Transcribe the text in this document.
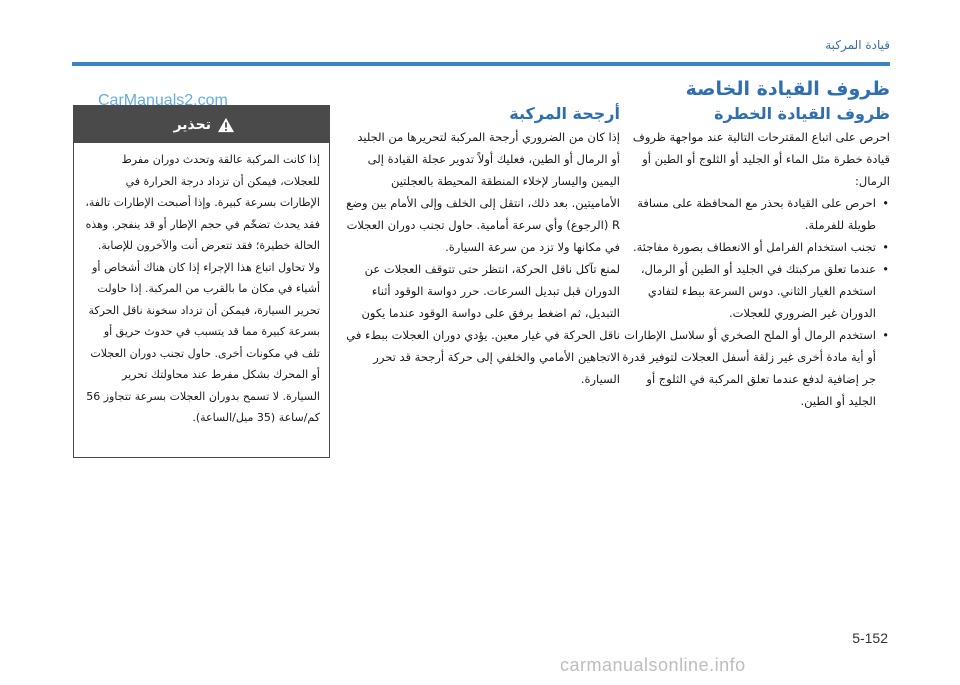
قيادة المركبة
ظروف القيادة الخاصة
ظروف القيادة الخطرة
أرجحة المركبة

احرص على اتباع المقترحات التالية عند مواجهة ظروف قيادة خطرة مثل الماء أو الجليد أو الثلوج أو الطين أو الرمال:

• احرص على القيادة بحذر مع المحافظة على مسافة طويلة للفرملة.
• تجنب استخدام الفرامل أو الانعطاف بصورة مفاجئة.
• عندما تعلق مركبتك في الجليد أو الطين أو الرمال، استخدم الغيار الثاني. دوس السرعة ببطء لتفادي الدوران غير الضروري للعجلات.
• استخدم الرمال أو الملح الصخري أو سلاسل الإطارات أو أية مادة أخرى غير زلقة أسفل العجلات لتوفير قدرة جر إضافية لدفع عندما تعلق المركبة في الثلوج أو الجليد أو الطين.

إذا كان من الضروري أرجحة المركبة لتحريرها من الجليد أو الرمال أو الطين، فعليك أولاً تدوير عجلة القيادة إلى اليمين واليسار لإخلاء المنطقة المحيطة بالعجلتين الأماميتين. بعد ذلك، انتقل إلى الخلف وإلى الأمام بين وضع R (الرجوع) وأي سرعة أمامية. حاول تجنب دوران العجلات في مكانها ولا تزد من سرعة السيارة.

لمنع تآكل ناقل الحركة، انتظر حتى تتوقف العجلات عن الدوران قبل تبديل السرعات. حرر دواسة الوقود أثناء التبديل، ثم اضغط برفق على دواسة الوقود عندما يكون ناقل الحركة في غيار معين. يؤدي دوران العجلات ببطء في الاتجاهين الأمامي والخلفي إلى حركة أرجحة قد تحرر السيارة.

تحذير
إذا كانت المركبة عالقة وتحدث دوران مفرط للعجلات، فيمكن أن تزداد درجة الحرارة في الإطارات بسرعة كبيرة. وإذا أصبحت الإطارات تالفة، فقد يحدث تضخّم في حجم الإطار أو قد ينفجر. وهذه الحالة خطيرة؛ فقد تتعرض أنت والآخرون للإصابة. ولا تحاول اتباع هذا الإجراء إذا كان هناك أشخاص أو أشياء في مكان ما بالقرب من المركبة. إذا حاولت تحرير السيارة، فيمكن أن تزداد سخونة ناقل الحركة بسرعة كبيرة مما قد يتسبب في حدوث حريق أو تلف في مكونات أخرى. حاول تجنب دوران العجلات أو المحرك بشكل مفرط عند محاولتك تحرير السيارة. لا تسمح بدوران العجلات بسرعة تتجاوز 56 كم/ساعة (35 ميل/الساعة).
CarManuals2.com
5-152
carmanualsonline.info
